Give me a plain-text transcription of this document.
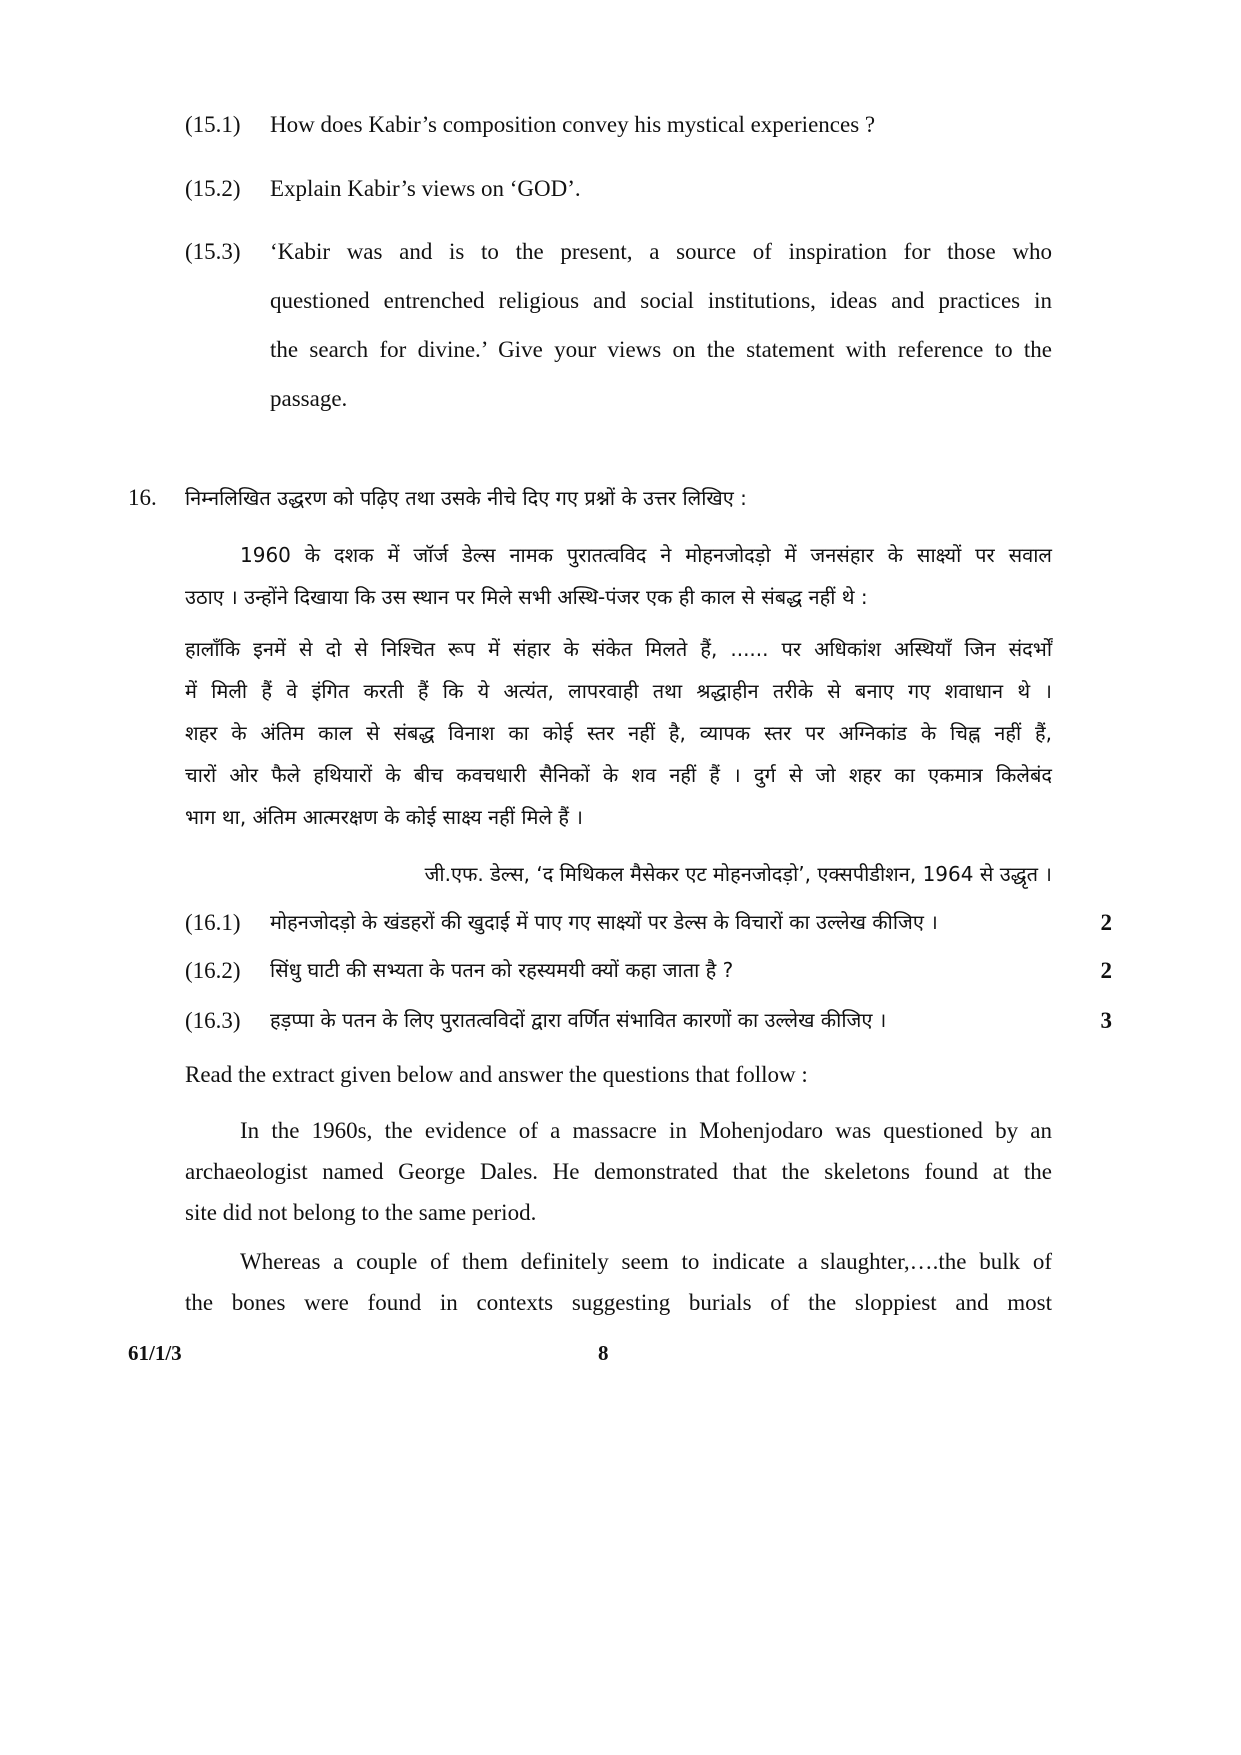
(15.1) How does Kabir’s composition convey his mystical experiences ?
(15.2) Explain Kabir’s views on ‘GOD’.
(15.3) ‘Kabir was and is to the present, a source of inspiration for those who
questioned entrenched religious and social institutions, ideas and practices in
the search for divine.’ Give your views on the statement with reference to the
passage.
16. निम्नलिखित उद्धरण को पढ़िए तथा उसके नीचे दिए गए प्रश्नों के उत्तर लिखिए :
1960 के दशक में जॉर्ज डेल्स नामक पुरातत्वविद ने मोहनजोदड़ो में जनसंहार के साक्ष्यों पर सवाल
उठाए । उन्होंने दिखाया कि उस स्थान पर मिले सभी अस्थि-पंजर एक ही काल से संबद्ध नहीं थे :
हालाँकि इनमें से दो से निश्चित रूप में संहार के संकेत मिलते हैं, ...... पर अधिकांश अस्थियाँ जिन संदर्भों
में मिली हैं वे इंगित करती हैं कि ये अत्यंत, लापरवाही तथा श्रद्धाहीन तरीके से बनाए गए शवाधान थे ।
शहर के अंतिम काल से संबद्ध विनाश का कोई स्तर नहीं है, व्यापक स्तर पर अग्निकांड के चिह्न नहीं हैं,
चारों ओर फैले हथियारों के बीच कवचधारी सैनिकों के शव नहीं हैं । दुर्ग से जो शहर का एकमात्र किलेबंद
भाग था, अंतिम आत्मरक्षण के कोई साक्ष्य नहीं मिले हैं ।
जी.एफ. डेल्स, ‘द मिथिकल मैसेकर एट मोहनजोदड़ो’, एक्सपीडीशन, 1964 से उद्धृत ।
(16.1) मोहनजोदड़ो के खंडहरों की खुदाई में पाए गए साक्ष्यों पर डेल्स के विचारों का उल्लेख कीजिए ।	2
(16.2) सिंधु घाटी की सभ्यता के पतन को रहस्यमयी क्यों कहा जाता है ?	2
(16.3) हड़प्पा के पतन के लिए पुरातत्वविदों द्वारा वर्णित संभावित कारणों का उल्लेख कीजिए ।	3
Read the extract given below and answer the questions that follow :
In the 1960s, the evidence of a massacre in Mohenjodaro was questioned by an
archaeologist named George Dales. He demonstrated that the skeletons found at the
site did not belong to the same period.
Whereas a couple of them definitely seem to indicate a slaughter,….the bulk of
the bones were found in contexts suggesting burials of the sloppiest and most
61/1/3	8
